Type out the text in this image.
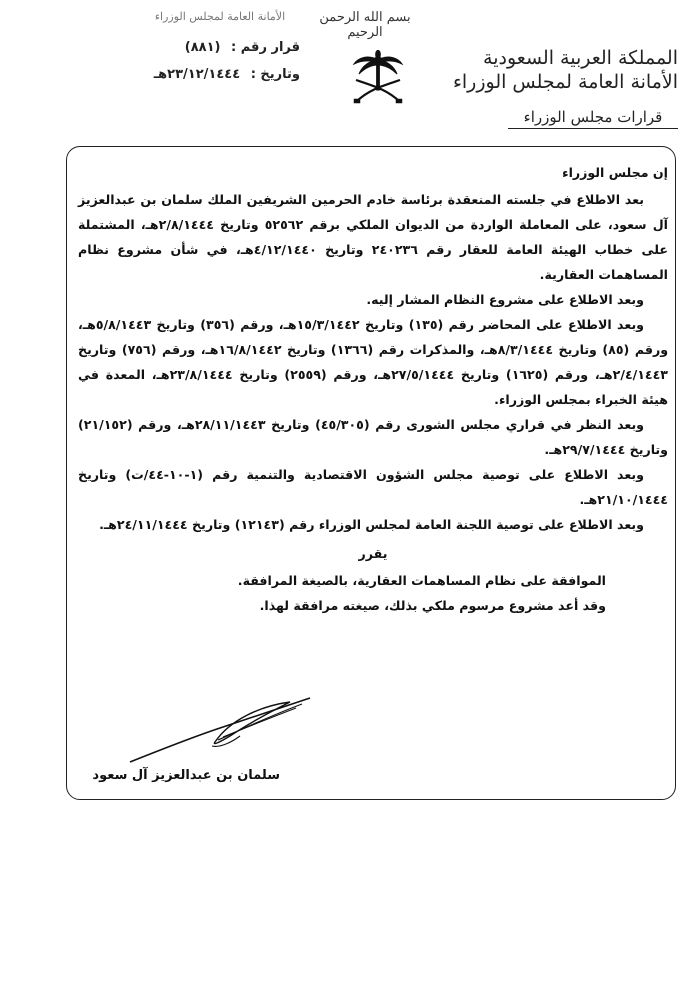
الأمانة العامة لمجلس الوزراء	بسم الله الرحمن الرحيم
قرار رقم : (٨٨١)
وتاريخ : ٢٣/١٢/١٤٤٤هـ
المملكة العربية السعودية
الأمانة العامة لمجلس الوزراء
قرارات مجلس الوزراء

إن مجلس الوزراء

بعد الاطلاع في جلسته المنعقدة برئاسة خادم الحرمين الشريفين الملك سلمان بن عبدالعزيز آل سعود، على المعاملة الواردة من الديوان الملكي برقم ٥٢٥٦٢ وتاريخ ٢/٨/١٤٤٤هـ، المشتملة على خطاب الهيئة العامة للعقار رقم ٢٤٠٢٣٦ وتاريخ ٤/١٢/١٤٤٠هـ، في شأن مشروع نظام المساهمات العقارية.

وبعد الاطلاع على مشروع النظام المشار إليه.

وبعد الاطلاع على المحاضر رقم (١٣٥) وتاريخ ١٥/٣/١٤٤٢هـ، ورقم (٣٥٦) وتاريخ ٥/٨/١٤٤٣هـ، ورقم (٨٥) وتاريخ ٨/٣/١٤٤٤هـ، والمذكرات رقم (١٣٦٦) وتاريخ ١٦/٨/١٤٤٢هـ، ورقم (٧٥٦) وتاريخ ٢/٤/١٤٤٣هـ، ورقم (١٦٢٥) وتاريخ ٢٧/٥/١٤٤٤هـ، ورقم (٢٥٥٩) وتاريخ ٢٣/٨/١٤٤٤هـ، المعدة في هيئة الخبراء بمجلس الوزراء.

وبعد النظر في قراري مجلس الشورى رقم (٤٥/٣٠٥) وتاريخ ٢٨/١١/١٤٤٣هـ، ورقم (٢١/١٥٢) وتاريخ ٢٩/٧/١٤٤٤هـ.

وبعد الاطلاع على توصية مجلس الشؤون الاقتصادية والتنمية رقم (١-١٠-٤٤/ت) وتاريخ ٢١/١٠/١٤٤٤هـ.

وبعد الاطلاع على توصية اللجنة العامة لمجلس الوزراء رقم (١٢١٤٣) وتاريخ ٢٤/١١/١٤٤٤هـ.

يقرر

الموافقة على نظام المساهمات العقارية، بالصيغة المرافقة.

وقد أعد مشروع مرسوم ملكي بذلك، صيغته مرافقة لهذا.

سلمان بن عبدالعزيز آل سعود
